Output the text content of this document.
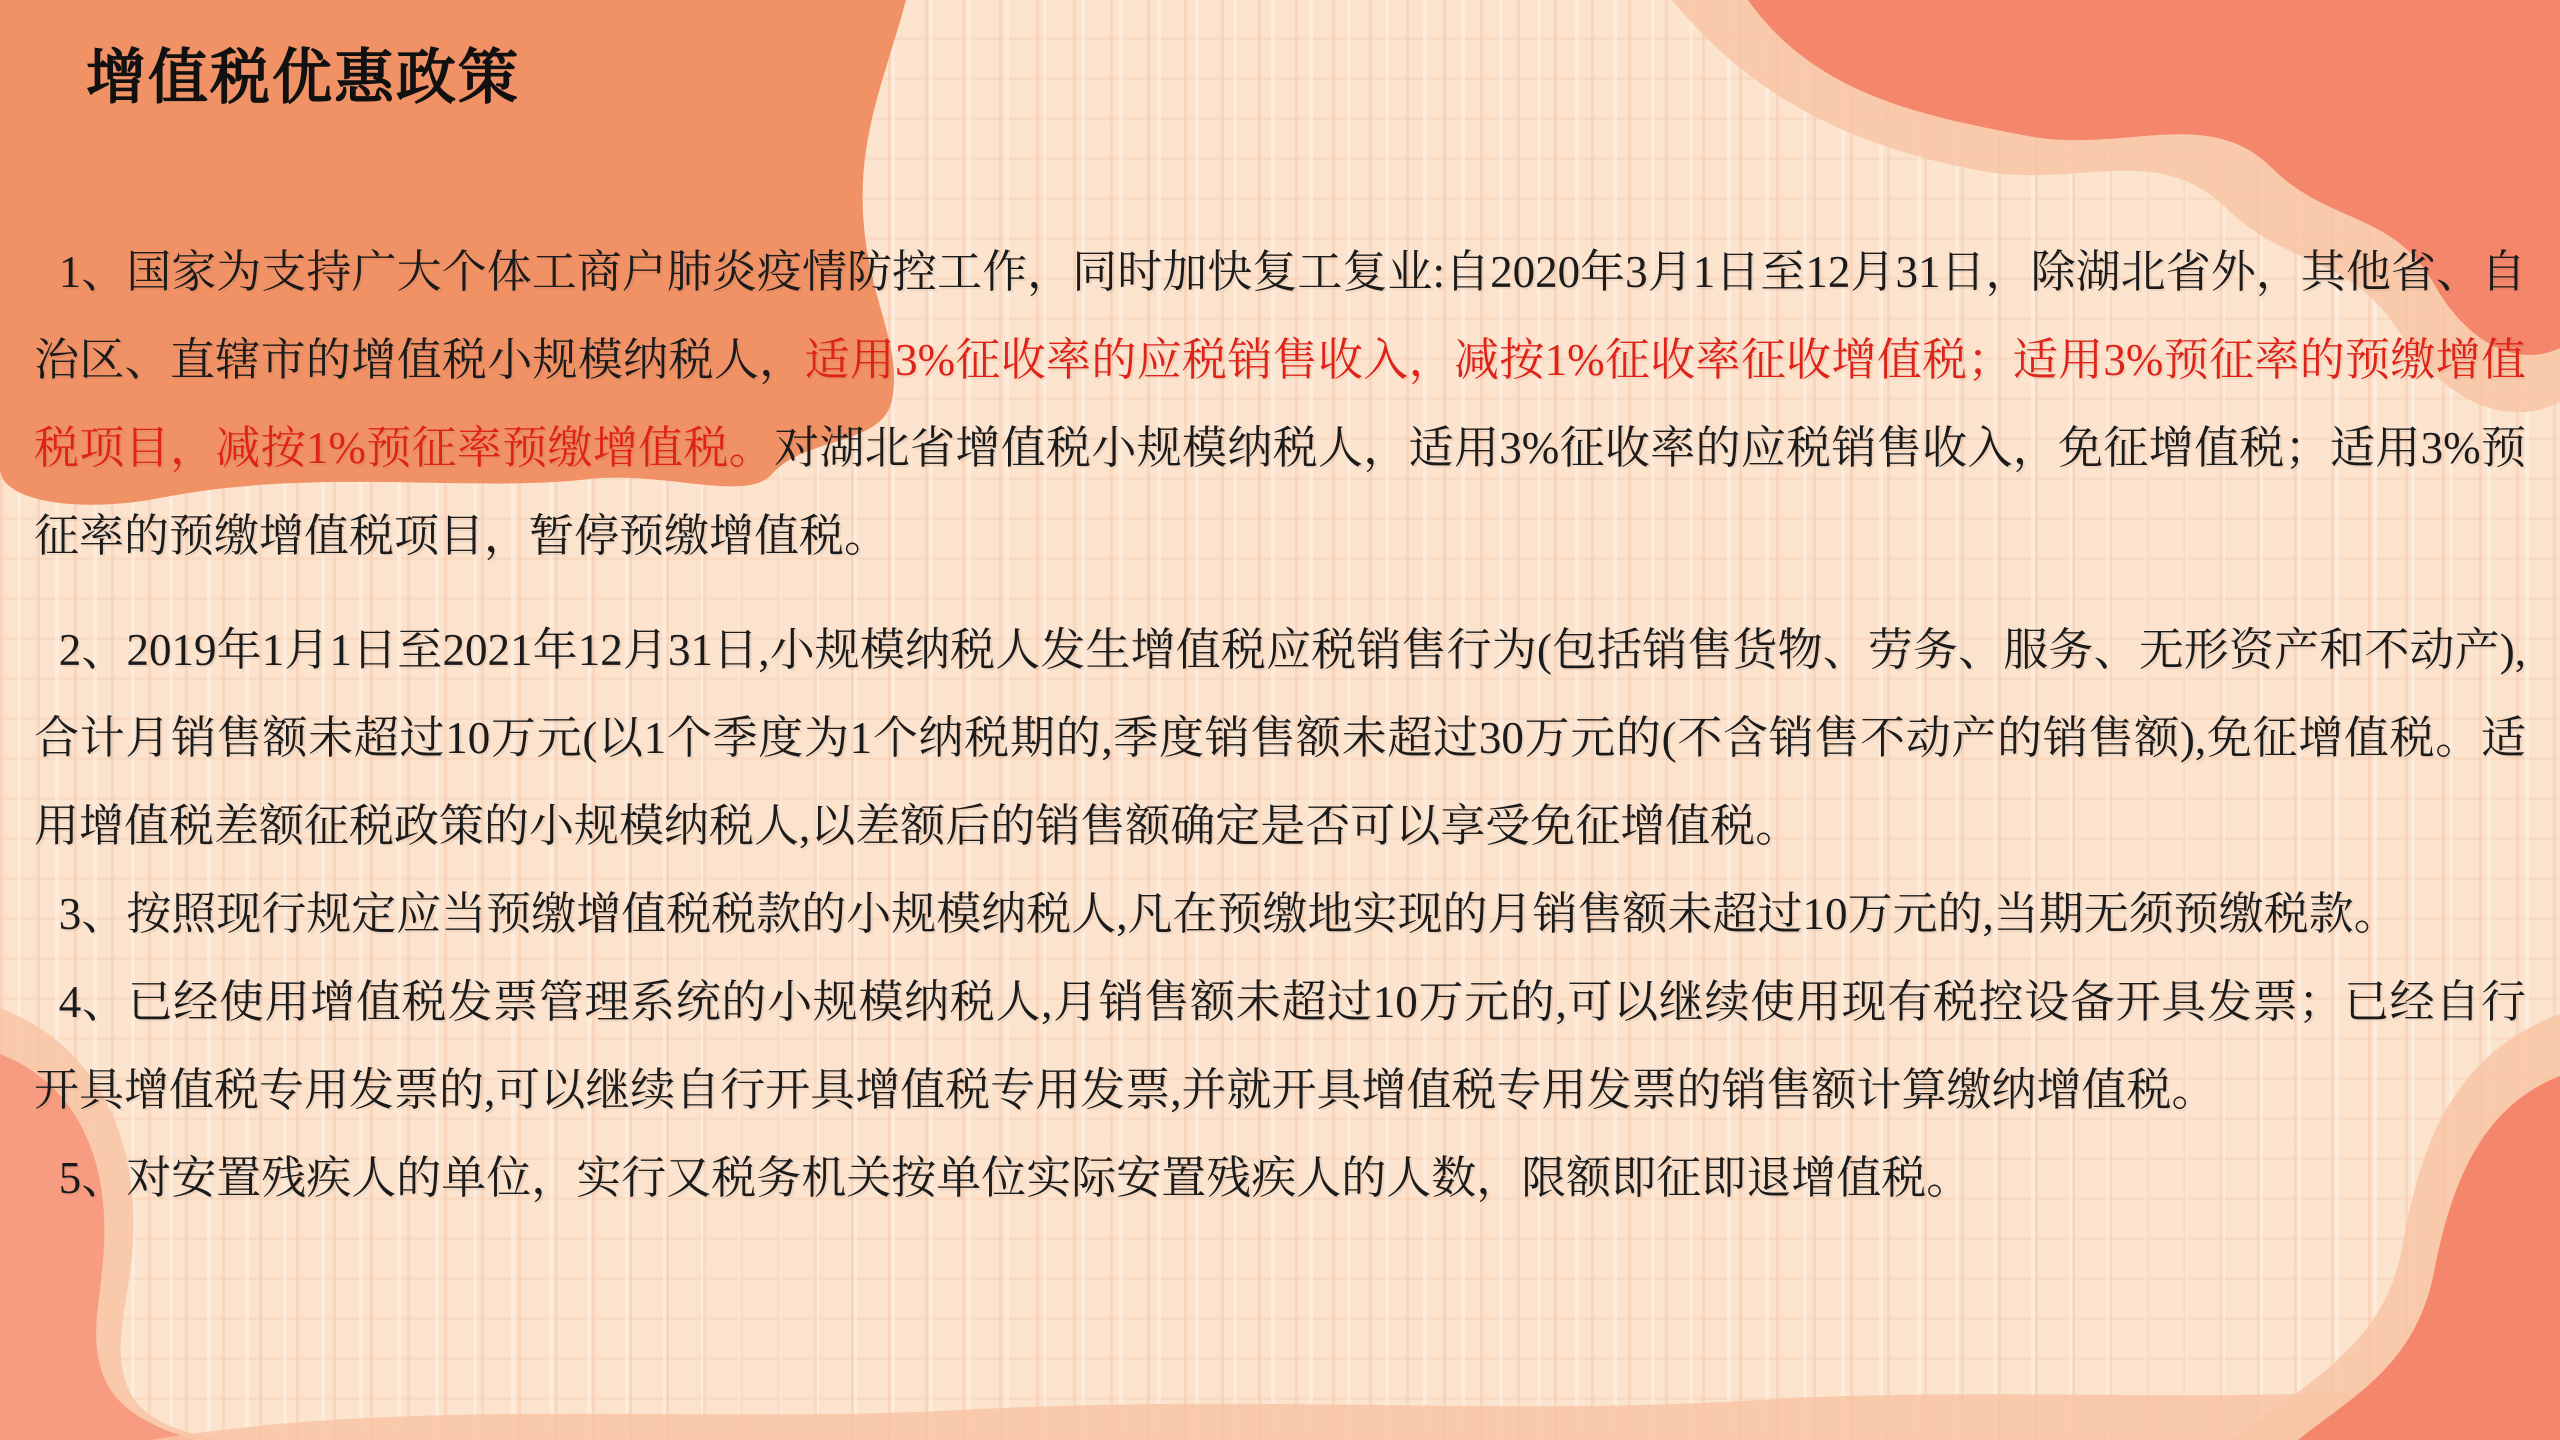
增值税优惠政策

1、国家为支持广大个体工商户肺炎疫情防控工作，同时加快复工复业:自2020年3月1日至12月31日，除湖北省外，其他省、自治区、直辖市的增值税小规模纳税人，适用3%征收率的应税销售收入，减按1%征收率征收增值税；适用3%预征率的预缴增值税项目，减按1%预征率预缴增值税。对湖北省增值税小规模纳税人，适用3%征收率的应税销售收入，免征增值税；适用3%预征率的预缴增值税项目，暂停预缴增值税。

2、2019年1月1日至2021年12月31日,小规模纳税人发生增值税应税销售行为(包括销售货物、劳务、服务、无形资产和不动产),合计月销售额未超过10万元(以1个季度为1个纳税期的,季度销售额未超过30万元的(不含销售不动产的销售额),免征增值税。适用增值税差额征税政策的小规模纳税人,以差额后的销售额确定是否可以享受免征增值税。

3、按照现行规定应当预缴增值税税款的小规模纳税人,凡在预缴地实现的月销售额未超过10万元的,当期无须预缴税款。

4、已经使用增值税发票管理系统的小规模纳税人,月销售额未超过10万元的,可以继续使用现有税控设备开具发票；已经自行开具增值税专用发票的,可以继续自行开具增值税专用发票,并就开具增值税专用发票的销售额计算缴纳增值税。

5、对安置残疾人的单位，实行又税务机关按单位实际安置残疾人的人数，限额即征即退增值税。
